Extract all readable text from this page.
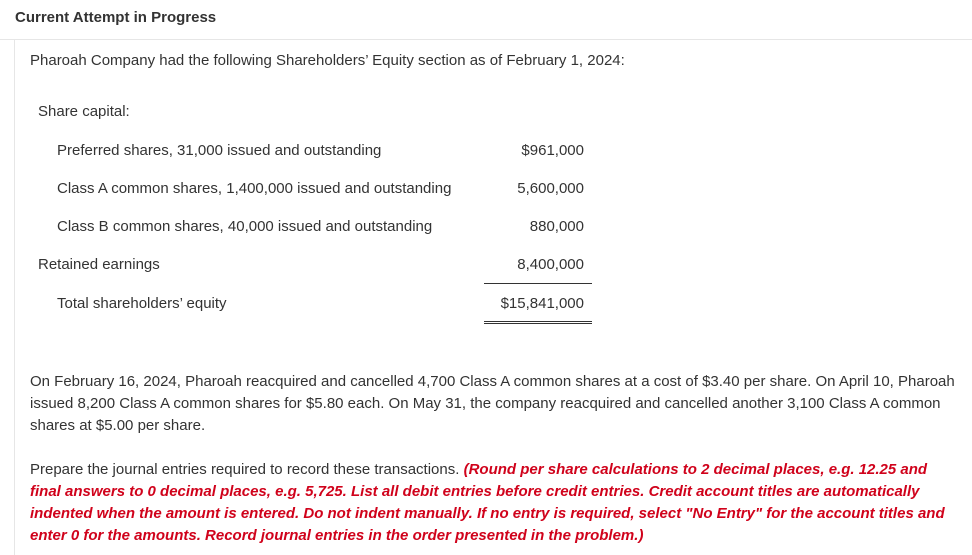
Current Attempt in Progress
Pharoah Company had the following Shareholders’ Equity section as of February 1, 2024:
Share capital:
Preferred shares, 31,000 issued and outstanding	$961,000
Class A common shares, 1,400,000 issued and outstanding	5,600,000
Class B common shares, 40,000 issued and outstanding	880,000
Retained earnings	8,400,000
Total shareholders’ equity	$15,841,000
On February 16, 2024, Pharoah reacquired and cancelled 4,700 Class A common shares at a cost of $3.40 per share. On April 10, Pharoah issued 8,200 Class A common shares for $5.80 each. On May 31, the company reacquired and cancelled another 3,100 Class A common shares at $5.00 per share.
Prepare the journal entries required to record these transactions. (Round per share calculations to 2 decimal places, e.g. 12.25 and final answers to 0 decimal places, e.g. 5,725. List all debit entries before credit entries. Credit account titles are automatically indented when the amount is entered. Do not indent manually. If no entry is required, select "No Entry" for the account titles and enter 0 for the amounts. Record journal entries in the order presented in the problem.)
